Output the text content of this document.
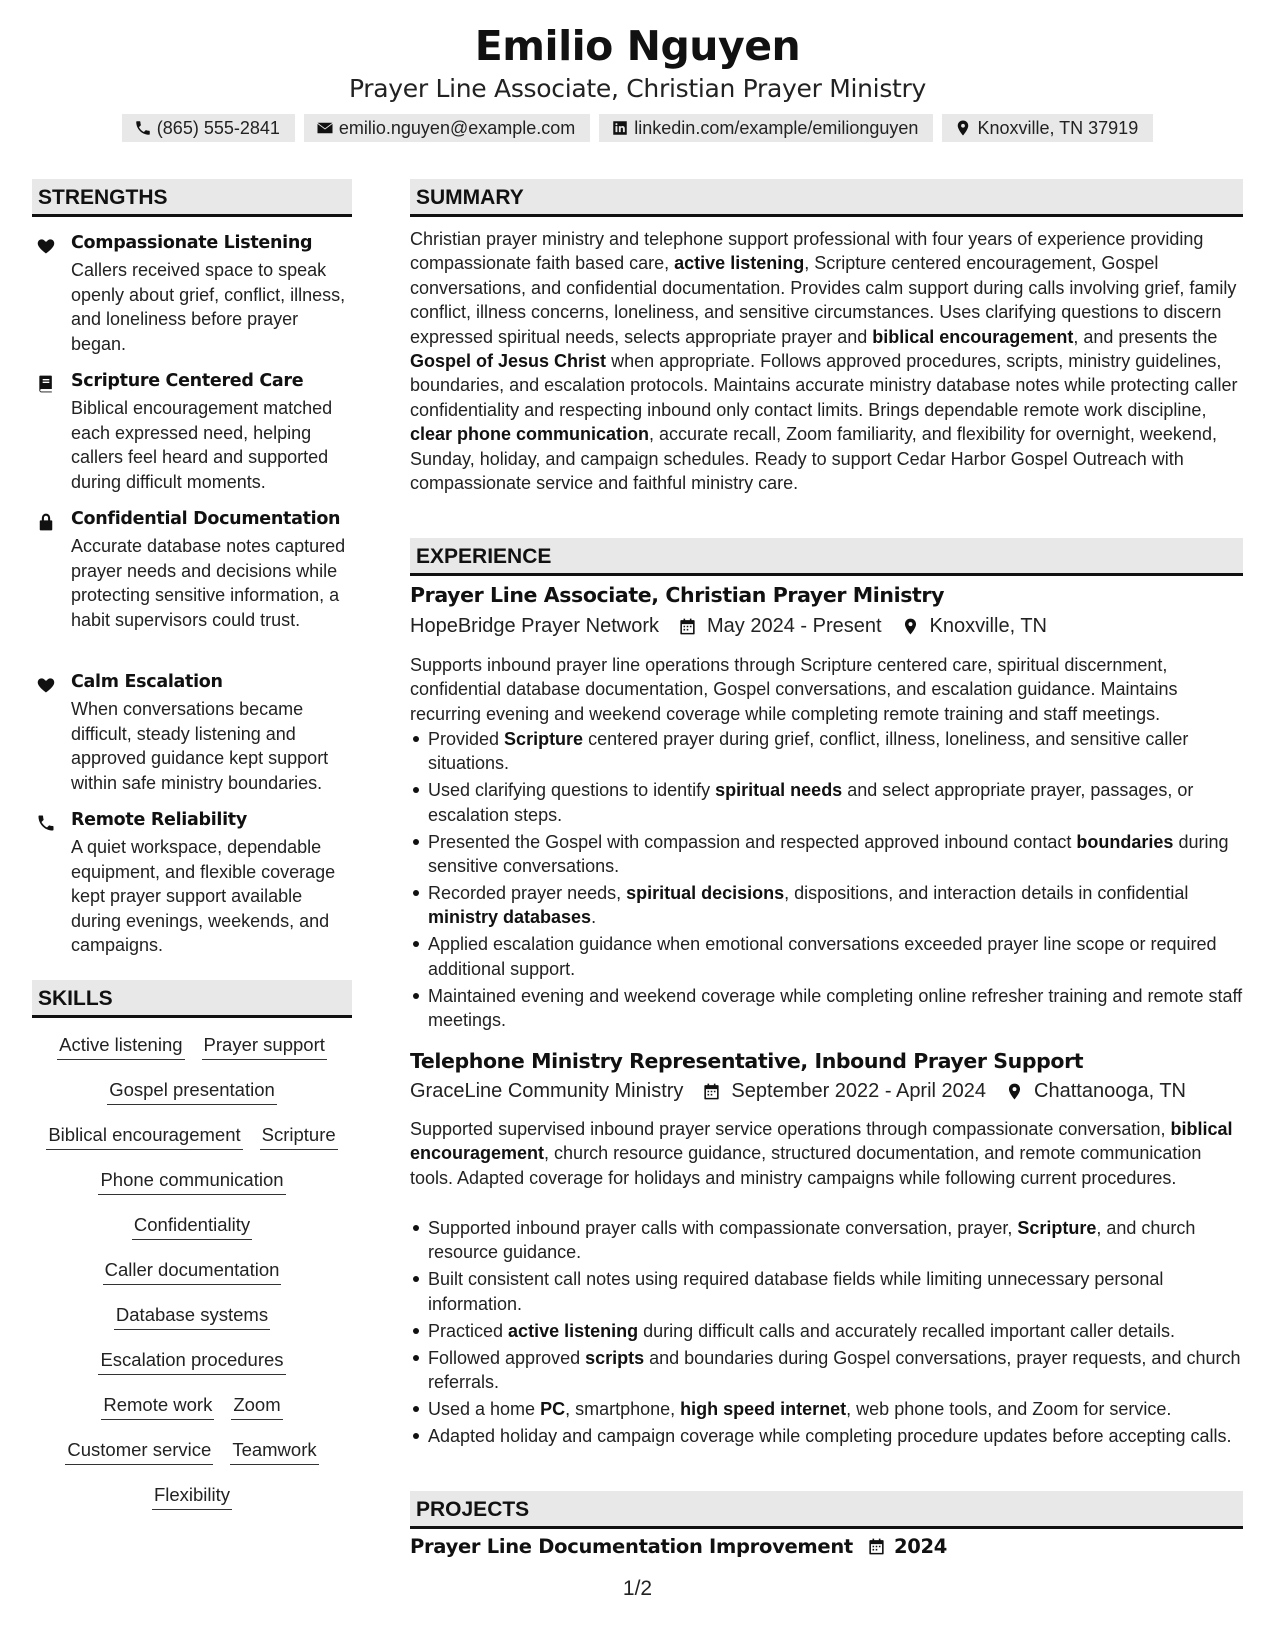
Emilio Nguyen
Prayer Line Associate, Christian Prayer Ministry
(865) 555-2841	emilio.nguyen@example.com	linkedin.com/example/emilionguyen	Knoxville, TN 37919
STRENGTHS
Compassionate Listening
Callers received space to speak openly about grief, conflict, illness, and loneliness before prayer began.
Scripture Centered Care
Biblical encouragement matched each expressed need, helping callers feel heard and supported during difficult moments.
Confidential Documentation
Accurate database notes captured prayer needs and decisions while protecting sensitive information, a habit supervisors could trust.
Calm Escalation
When conversations became difficult, steady listening and approved guidance kept support within safe ministry boundaries.
Remote Reliability
A quiet workspace, dependable equipment, and flexible coverage kept prayer support available during evenings, weekends, and campaigns.
SKILLS
Active listening Prayer support
Gospel presentation
Biblical encouragement Scripture
Phone communication
Confidentiality
Caller documentation
Database systems
Escalation procedures
Remote work Zoom
Customer service Teamwork
Flexibility
SUMMARY
Christian prayer ministry and telephone support professional with four years of experience providing compassionate faith based care, active listening, Scripture centered encouragement, Gospel conversations, and confidential documentation. Provides calm support during calls involving grief, family conflict, illness concerns, loneliness, and sensitive circumstances. Uses clarifying questions to discern expressed spiritual needs, selects appropriate prayer and biblical encouragement, and presents the Gospel of Jesus Christ when appropriate. Follows approved procedures, scripts, ministry guidelines, boundaries, and escalation protocols. Maintains accurate ministry database notes while protecting caller confidentiality and respecting inbound only contact limits. Brings dependable remote work discipline, clear phone communication, accurate recall, Zoom familiarity, and flexibility for overnight, weekend, Sunday, holiday, and campaign schedules. Ready to support Cedar Harbor Gospel Outreach with compassionate service and faithful ministry care.
EXPERIENCE
Prayer Line Associate, Christian Prayer Ministry
HopeBridge Prayer Network May 2024 - Present Knoxville, TN
Supports inbound prayer line operations through Scripture centered care, spiritual discernment, confidential database documentation, Gospel conversations, and escalation guidance. Maintains recurring evening and weekend coverage while completing remote training and staff meetings.
Provided Scripture centered prayer during grief, conflict, illness, loneliness, and sensitive caller situations.
Used clarifying questions to identify spiritual needs and select appropriate prayer, passages, or escalation steps.
Presented the Gospel with compassion and respected approved inbound contact boundaries during sensitive conversations.
Recorded prayer needs, spiritual decisions, dispositions, and interaction details in confidential ministry databases.
Applied escalation guidance when emotional conversations exceeded prayer line scope or required additional support.
Maintained evening and weekend coverage while completing online refresher training and remote staff meetings.
Telephone Ministry Representative, Inbound Prayer Support
GraceLine Community Ministry September 2022 - April 2024 Chattanooga, TN
Supported supervised inbound prayer service operations through compassionate conversation, biblical encouragement, church resource guidance, structured documentation, and remote communication tools. Adapted coverage for holidays and ministry campaigns while following current procedures.
Supported inbound prayer calls with compassionate conversation, prayer, Scripture, and church resource guidance.
Built consistent call notes using required database fields while limiting unnecessary personal information.
Practiced active listening during difficult calls and accurately recalled important caller details.
Followed approved scripts and boundaries during Gospel conversations, prayer requests, and church referrals.
Used a home PC, smartphone, high speed internet, web phone tools, and Zoom for service.
Adapted holiday and campaign coverage while completing procedure updates before accepting calls.
PROJECTS
Prayer Line Documentation Improvement 2024
1/2
